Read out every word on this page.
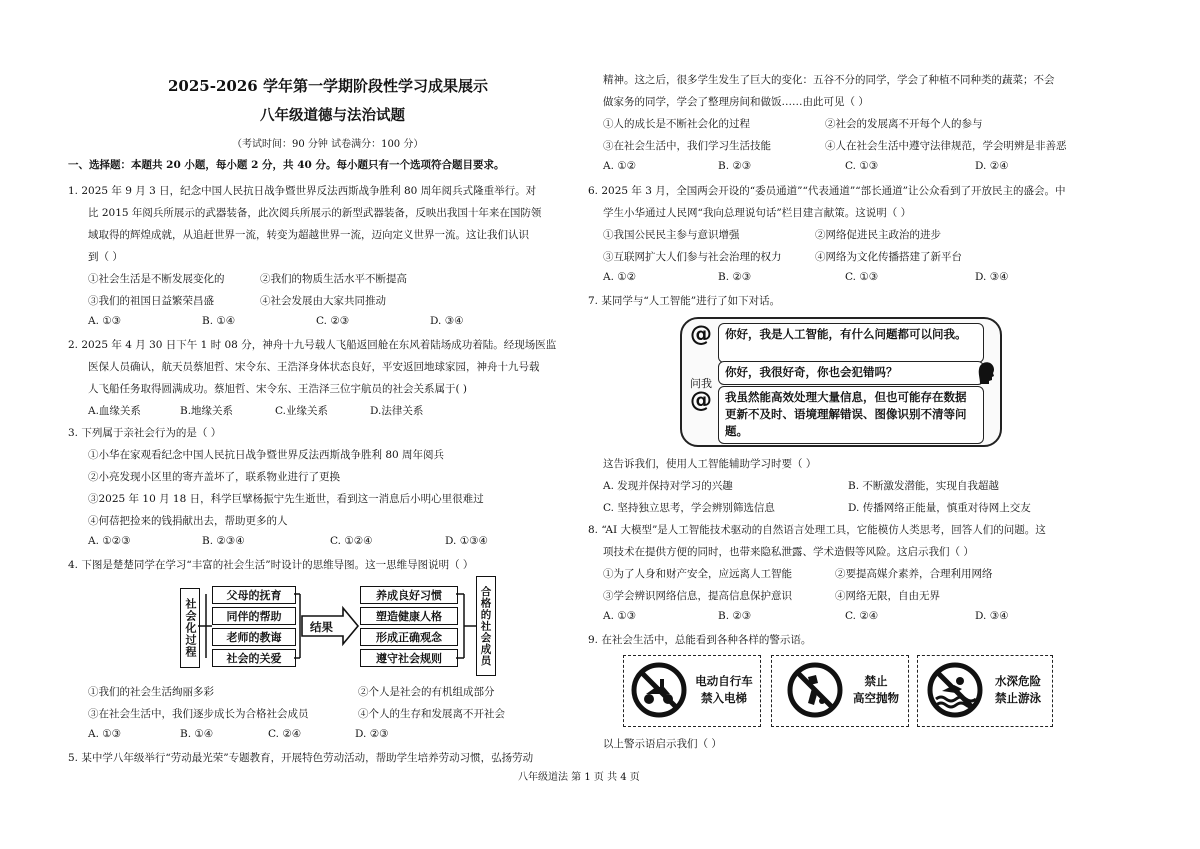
2025-2026 学年第一学期阶段性学习成果展示
八年级道德与法治试题
（考试时间：90 分钟 试卷满分：100 分）
一、选择题：本题共 20 小题，每小题 2 分，共 40 分。每小题只有一个选项符合题目要求。
1. 2025 年 9 月 3 日，纪念中国人民抗日战争暨世界反法西斯战争胜利 80 周年阅兵式隆重举行。对
比 2015 年阅兵所展示的武器装备，此次阅兵所展示的新型武器装备，反映出我国十年来在国防领
域取得的辉煌成就，从追赶世界一流，转变为超越世界一流，迈向定义世界一流。这让我们认识
到（ ）
①社会生活是不断发展变化的	②我们的物质生活水平不断提高
③我们的祖国日益繁荣昌盛	④社会发展由大家共同推动
A. ①③	B. ①④	C. ②③	D. ③④
2. 2025 年 4 月 30 日下午 1 时 08 分，神舟十九号载人飞船返回舱在东风着陆场成功着陆。经现场医监
医保人员确认，航天员蔡旭哲、宋令东、王浩泽身体状态良好，平安返回地球家园，神舟十九号载
人飞船任务取得圆满成功。蔡旭哲、宋令东、王浩泽三位宇航员的社会关系属于( )
A.血缘关系	B.地缘关系	C.业缘关系	D.法律关系
3. 下列属于亲社会行为的是（ ）
①小华在家观看纪念中国人民抗日战争暨世界反法西斯战争胜利 80 周年阅兵
②小亮发现小区里的寄卉盖坏了，联系物业进行了更换
③2025 年 10 月 18 日，科学巨擘杨振宁先生逝世，看到这一消息后小明心里很难过
④何蓓把捡来的钱捐献出去，帮助更多的人
A. ①②③	B. ②③④	C. ①②④	D. ①③④
4. 下图是楚楚同学在学习“丰富的社会生活”时设计的思维导图。这一思维导图说明（ ）
社会化过程
父母的抚育
同伴的帮助
老师的教诲
社会的关爱
结果
养成良好习惯
塑造健康人格
形成正确观念
遵守社会规则	合格的社会成员
①我们的社会生活绚丽多彩	②个人是社会的有机组成部分
③在社会生活中，我们逐步成长为合格社会成员	④个人的生存和发展离不开社会
A. ①③	B. ①④	C. ②④	D. ②③
5. 某中学八年级举行“劳动最光荣”专题教育，开展特色劳动活动，帮助学生培养劳动习惯，弘扬劳动
精神。这之后，很多学生发生了巨大的变化：五谷不分的同学，学会了种植不同种类的蔬菜；不会
做家务的同学，学会了整理房间和做饭……由此可见（ ）
①人的成长是不断社会化的过程	②社会的发展离不开每个人的参与
③在社会生活中，我们学习生活技能	④人在社会生活中遵守法律规范，学会明辨是非善恶
A. ①②	B. ②③	C. ①③	D. ②④
6. 2025 年 3 月，全国两会开设的“委员通道”“代表通道”“部长通道”让公众看到了开放民主的盛会。中
学生小华通过人民网“我向总理说句话”栏目建言献策。这说明（ ）
①我国公民民主参与意识增强	②网络促进民主政治的进步
③互联网扩大人们参与社会治理的权力	④网络为文化传播搭建了新平台
A. ①②	B. ②③	C. ①③	D. ③④
7. 某同学与“人工智能”进行了如下对话。
@	你好，我是人工智能，有什么问题都可以问我。
问我
你好，我很好奇，你也会犯错吗？
@	我虽然能高效处理大量信息，但也可能存在数据更新不及时、语境理解错误、图像识别不清等问题。
这告诉我们，使用人工智能辅助学习时要（ ）
A. 发现并保持对学习的兴趣	B. 不断激发潜能，实现自我超越
C. 坚持独立思考，学会辨别筛选信息	D. 传播网络正能量，慎重对待网上交友
8. “AI 大模型”是人工智能技术驱动的自然语言处理工具，它能模仿人类思考，回答人们的问题。这
项技术在提供方便的同时，也带来隐私泄露、学术造假等风险。这启示我们（ ）
①为了人身和财产安全，应远离人工智能	②要提高媒介素养，合理利用网络
③学会辨识网络信息，提高信息保护意识	④网络无限，自由无界
A. ①③	B. ②③	C. ②④	D. ③④
9. 在社会生活中，总能看到各种各样的警示语。
电动自行车
禁入电梯
禁止
高空抛物
水深危险
禁止游泳
以上警示语启示我们（ ）
八年级道法 第 1 页 共 4 页
